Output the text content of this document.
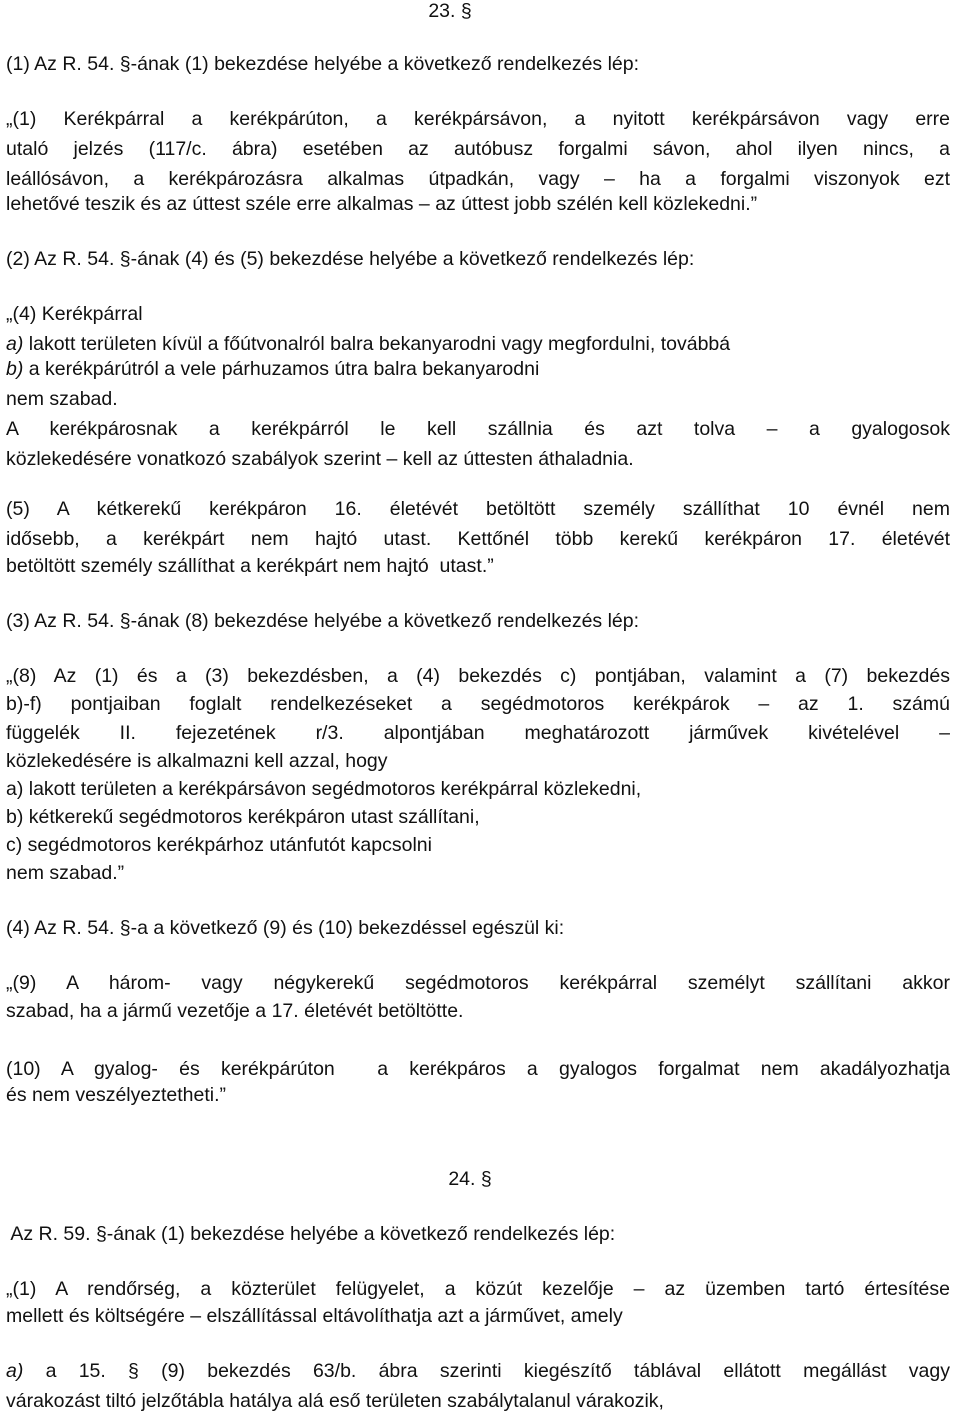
23. §
(1) Az R. 54. §-ának (1) bekezdése helyébe a következő rendelkezés lép:
„(1) Kerékpárral a kerékpárúton, a kerékpársávon, a nyitott kerékpársávon vagy erre
utaló jelzés (117/c. ábra) esetében az autóbusz forgalmi sávon, ahol ilyen nincs, a
leállósávon, a kerékpározásra alkalmas útpadkán, vagy – ha a forgalmi viszonyok ezt
lehetővé teszik és az úttest széle erre alkalmas – az úttest jobb szélén kell közlekedni.”
(2) Az R. 54. §-ának (4) és (5) bekezdése helyébe a következő rendelkezés lép:
„(4) Kerékpárral
a) lakott területen kívül a főútvonalról balra bekanyarodni vagy megfordulni, továbbá
b) a kerékpárútról a vele párhuzamos útra balra bekanyarodni
nem szabad.
A kerékpárosnak a kerékpárról le kell szállnia és azt tolva – a gyalogosok
közlekedésére vonatkozó szabályok szerint – kell az úttesten áthaladnia.
(5) A kétkerekű kerékpáron 16. életévét betöltött személy szállíthat 10 évnél nem
idősebb, a kerékpárt nem hajtó utast. Kettőnél több kerekű kerékpáron 17. életévét
betöltött személy szállíthat a kerékpárt nem hajtó  utast.”
(3) Az R. 54. §-ának (8) bekezdése helyébe a következő rendelkezés lép:
„(8) Az (1) és a (3) bekezdésben, a (4) bekezdés c) pontjában, valamint a (7) bekezdés
b)-f) pontjaiban foglalt rendelkezéseket a segédmotoros kerékpárok – az 1. számú
függelék II. fejezetének r/3. alpontjában meghatározott járművek kivételével –
közlekedésére is alkalmazni kell azzal, hogy
a) lakott területen a kerékpársávon segédmotoros kerékpárral közlekedni,
b) kétkerekű segédmotoros kerékpáron utast szállítani,
c) segédmotoros kerékpárhoz utánfutót kapcsolni
nem szabad.”
(4) Az R. 54. §-a a következő (9) és (10) bekezdéssel egészül ki:
„(9) A három- vagy négykerekű segédmotoros kerékpárral személyt szállítani akkor
szabad, ha a jármű vezetője a 17. életévét betöltötte.
(10) A gyalog- és kerékpárúton  a kerékpáros a gyalogos forgalmat nem akadályozhatja
és nem veszélyeztetheti.”
24. §
Az R. 59. §-ának (1) bekezdése helyébe a következő rendelkezés lép:
„(1) A rendőrség, a közterület felügyelet, a közút kezelője – az üzemben tartó értesítése
mellett és költségére – elszállítással eltávolíthatja azt a járművet, amely
a) a 15. § (9) bekezdés 63/b. ábra szerinti kiegészítő táblával ellátott megállást vagy
várakozást tiltó jelzőtábla hatálya alá eső területen szabálytalanul várakozik,
